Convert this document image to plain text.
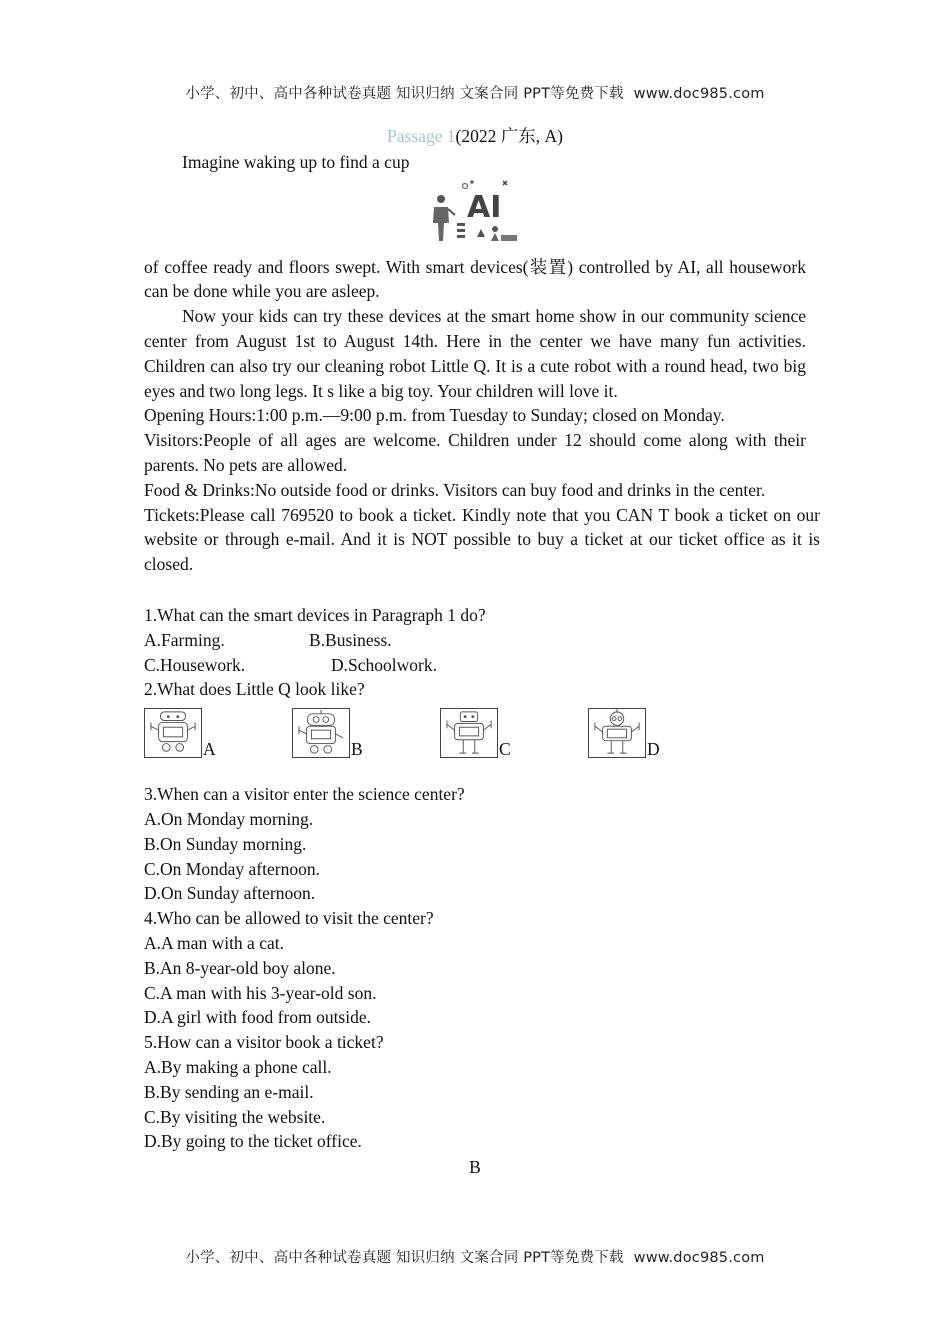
小学、初中、高中各种试卷真题 知识归纳 文案合同 PPT等免费下载 www.doc985.com
Passage 1(2022 广东, A)

Imagine waking up to find a cup

AI

of coffee ready and floors swept. With smart devices(装置) controlled by AI, all housework can be done while you are asleep.

Now your kids can try these devices at the smart home show in our community science center from August 1st to August 14th. Here in the center we have many fun activities. Children can also try our cleaning robot Little Q. It is a cute robot with a round head, two big eyes and two long legs. It s like a big toy. Your children will love it.

Opening Hours:1:00 p.m.—9:00 p.m. from Tuesday to Sunday; closed on Monday.

Visitors:People of all ages are welcome. Children under 12 should come along with their parents. No pets are allowed.

Food & Drinks:No outside food or drinks. Visitors can buy food and drinks in the center.

Tickets:Please call 769520 to book a ticket. Kindly note that you CAN T book a ticket on our website or through e-mail. And it is NOT possible to buy a ticket at our ticket office as it is closed.

1.What can the smart devices in Paragraph 1 do?

A.Farming.	B.Business.
C.Housework.	D.Schoolwork.

2.What does Little Q look like?

A	B	C	D

3.When can a visitor enter the science center?

A.On Monday morning.

B.On Sunday morning.

C.On Monday afternoon.

D.On Sunday afternoon.

4.Who can be allowed to visit the center?

A.A man with a cat.

B.An 8-year-old boy alone.

C.A man with his 3-year-old son.

D.A girl with food from outside.

5.How can a visitor book a ticket?

A.By making a phone call.

B.By sending an e-mail.

C.By visiting the website.

D.By going to the ticket office.

B
小学、初中、高中各种试卷真题 知识归纳 文案合同 PPT等免费下载 www.doc985.com
